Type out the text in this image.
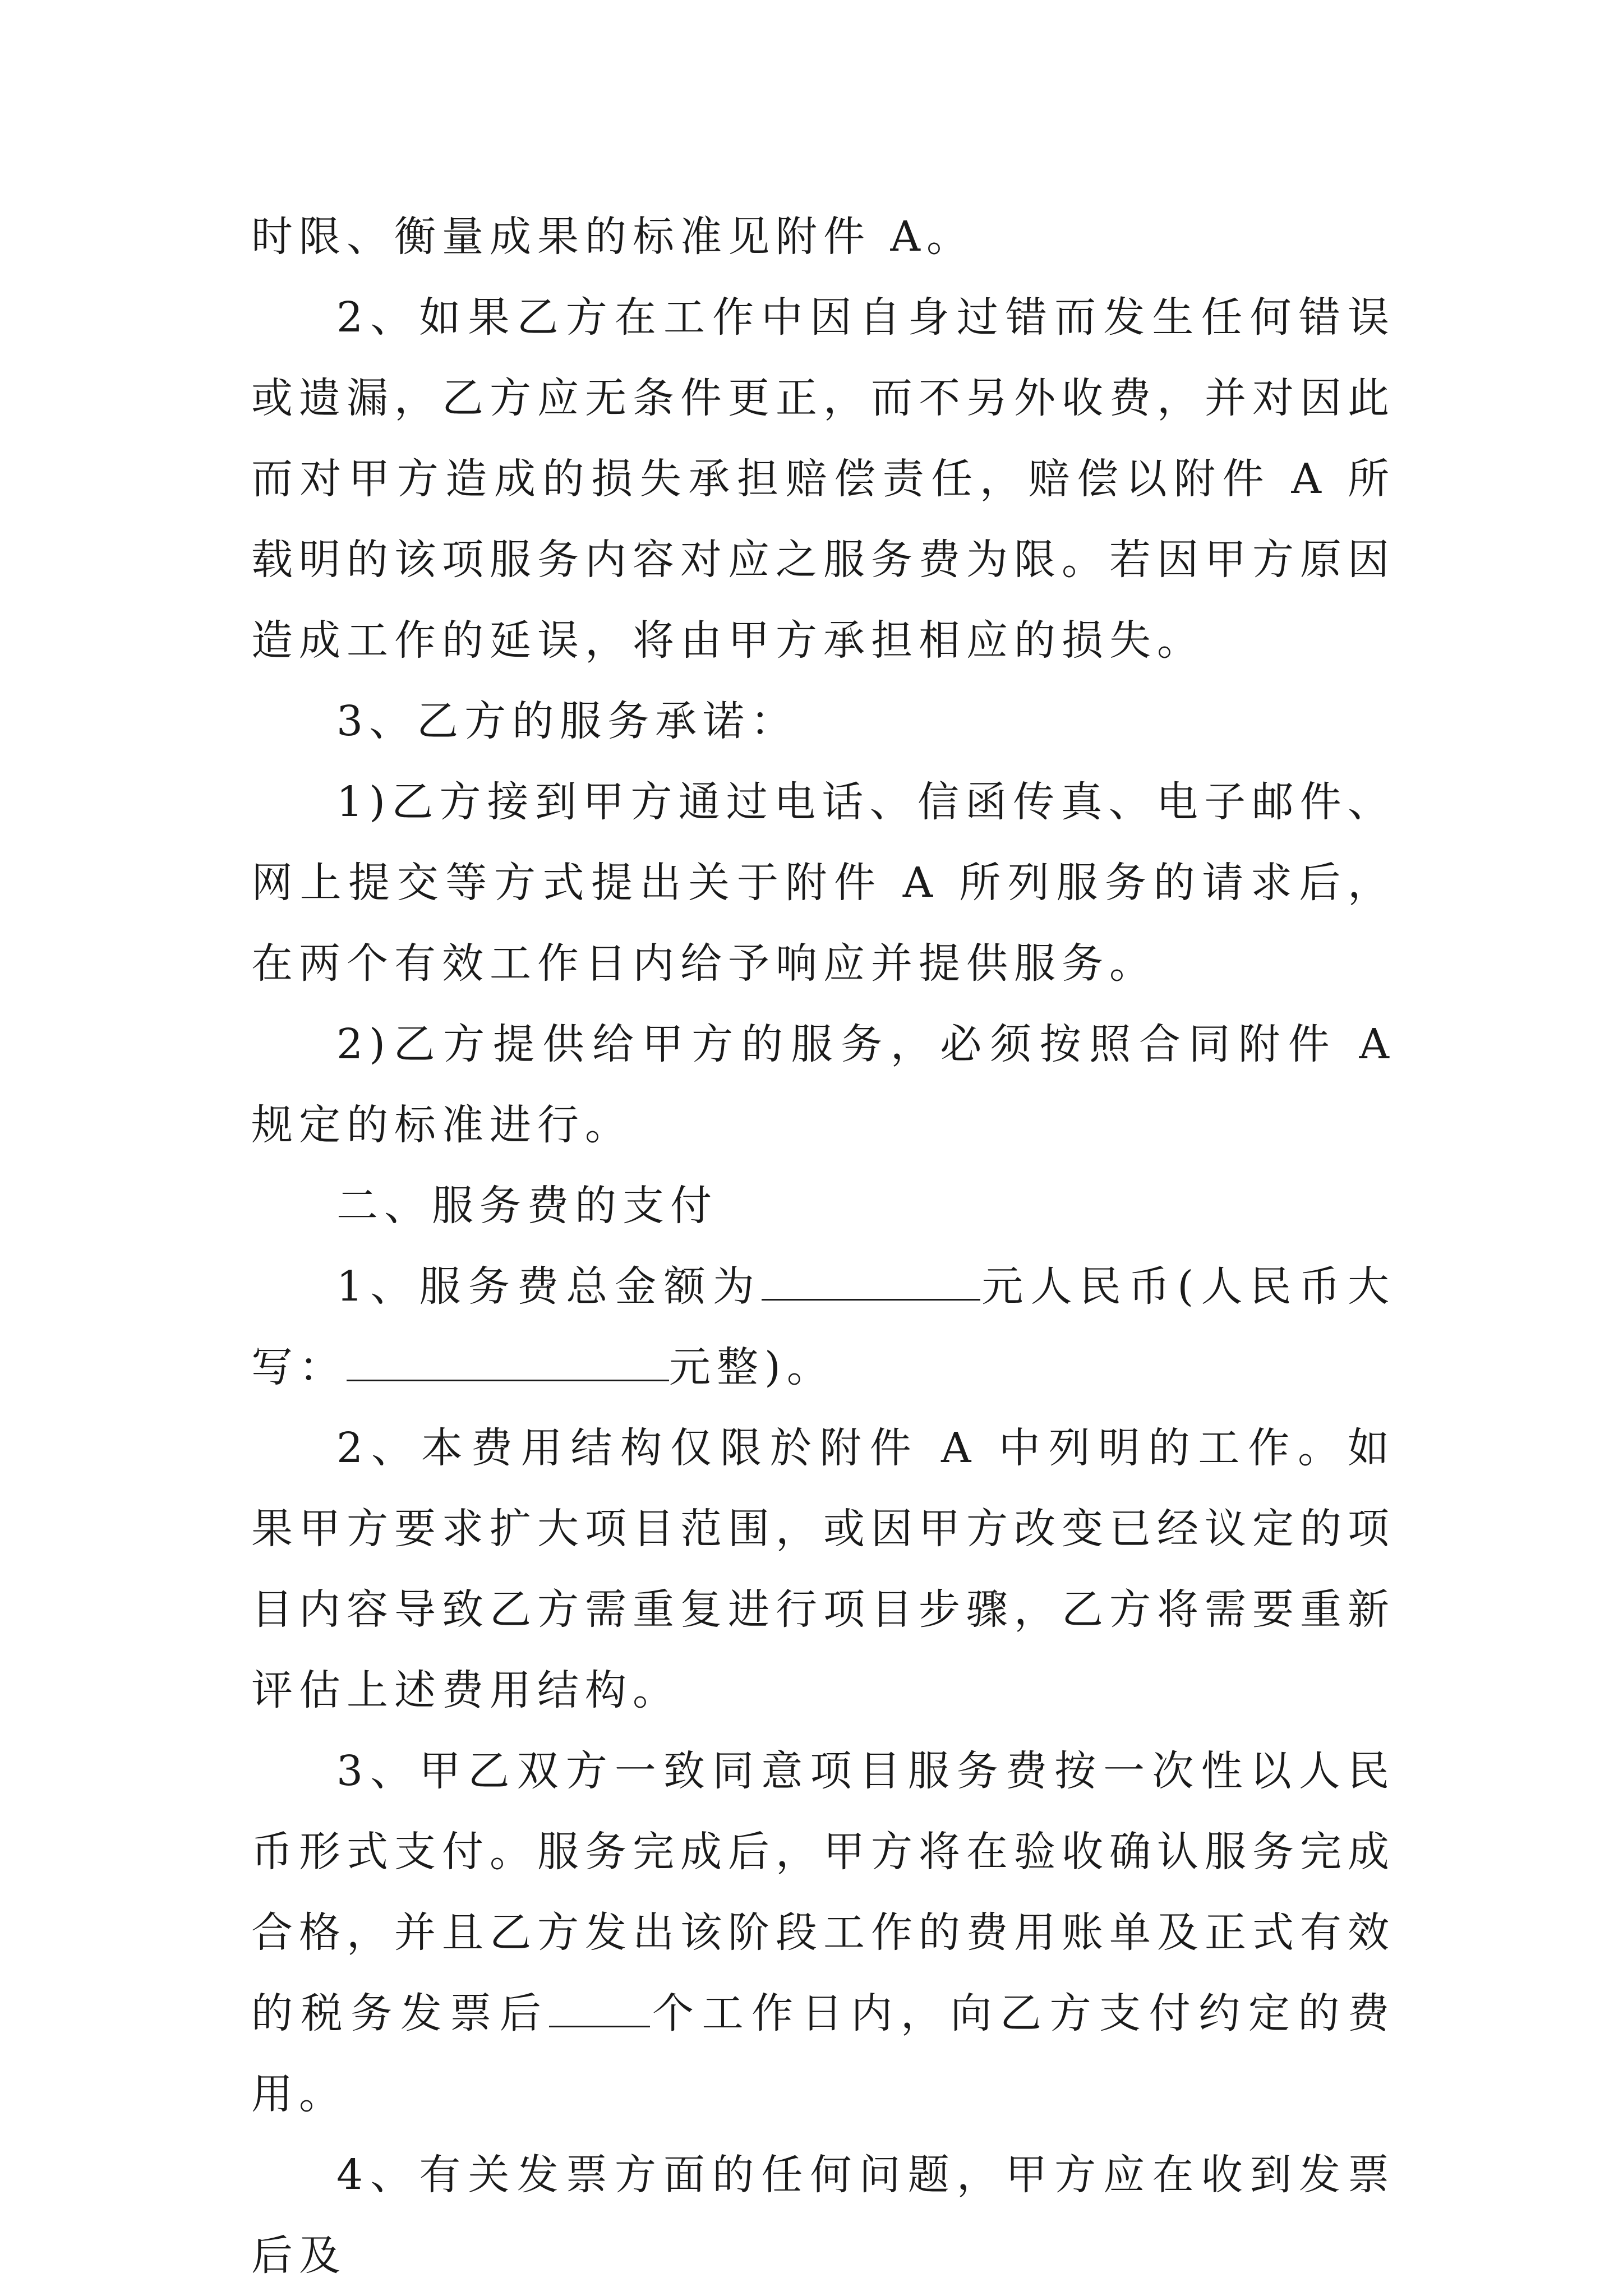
时限、衡量成果的标准见附件 A。

2、如果乙方在工作中因自身过错而发生任何错误或遗漏，乙方应无条件更正，而不另外收费，并对因此而对甲方造成的损失承担赔偿责任，赔偿以附件 A 所载明的该项服务内容对应之服务费为限。若因甲方原因造成工作的延误，将由甲方承担相应的损失。

3、乙方的服务承诺：

1)乙方接到甲方通过电话、信函传真、电子邮件、网上提交等方式提出关于附件 A 所列服务的请求后，在两个有效工作日内给予响应并提供服务。

2)乙方提供给甲方的服务，必须按照合同附件 A 规定的标准进行。

二、服务费的支付

1、服务费总金额为	元人民币(人民币大写：	元整)。

2、本费用结构仅限於附件 A 中列明的工作。如果甲方要求扩大项目范围，或因甲方改变已经议定的项目内容导致乙方需重复进行项目步骤，乙方将需要重新评估上述费用结构。

3、甲乙双方一致同意项目服务费按一次性以人民币形式支付。服务完成后，甲方将在验收确认服务完成合格，并且乙方发出该阶段工作的费用账单及正式有效的税务发票后 个工作日内，向乙方支付约定的费用。

4、有关发票方面的任何问题，甲方应在收到发票后及
